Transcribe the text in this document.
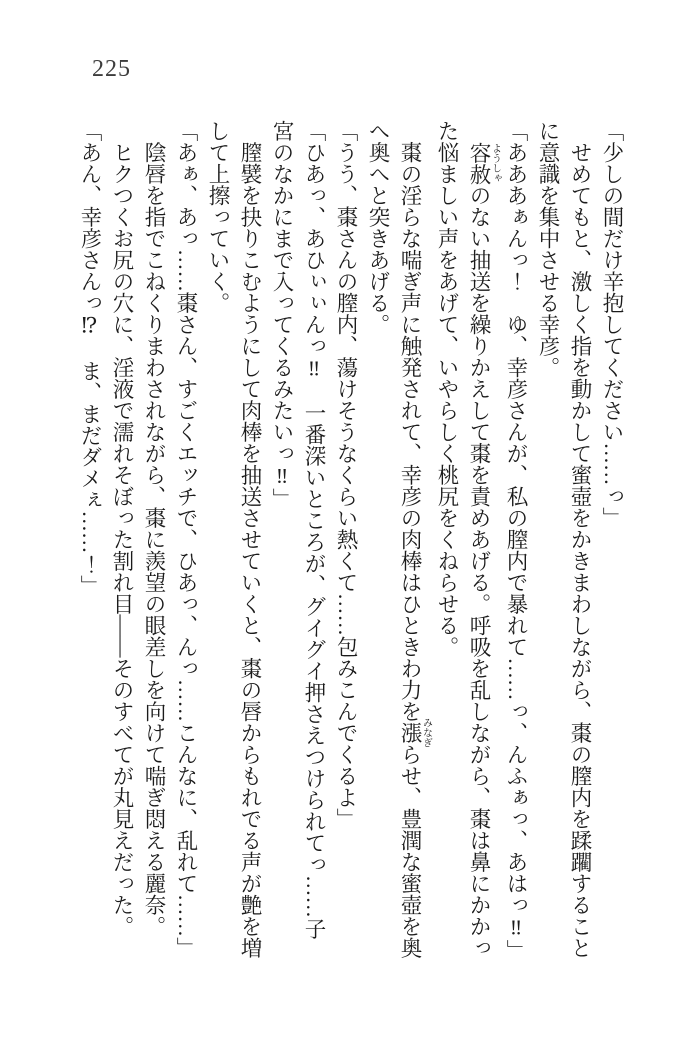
225

「少しの間だけ辛抱してください……っ」

　せめてもと、激しく指を動かして蜜壺をかきまわしながら、棗の膣内を蹂躙することに意識を集中させる幸彦。

「あああぁんっ！　ゆ、幸彦さんが、私の膣内で暴れて……っ、んふぁっ、あはっ‼」

　容赦ようしゃのない抽送を繰りかえして棗を責めあげる。呼吸を乱しながら、棗は鼻にかかった悩ましい声をあげて、いやらしく桃尻をくねらせる。

　棗の淫らな喘ぎ声に触発されて、幸彦の肉棒はひときわ力を漲みなぎらせ、豊潤な蜜壺を奥へ奥へと突きあげる。

「うう、棗さんの膣内、蕩けそうなくらい熱くて……包みこんでくるよ」

「ひあっ、あひぃぃんっ‼　一番深いところが、グイグイ押さえつけられてっ……子宮のなかにまで入ってくるみたいっ‼」

　膣襞を抉りこむようにして肉棒を抽送させていくと、棗の唇からもれでる声が艶を増して上擦っていく。

「あぁ、あっ……棗さん、すごくエッチで、ひあっ、んっ……こんなに、乱れて……」

　陰唇を指でこねくりまわされながら、棗に羨望の眼差しを向けて喘ぎ悶える麗奈。

　ヒクつくお尻の穴に、淫液で濡れそぼった割れ目——そのすべてが丸見えだった。

「あん、幸彦さんっ⁉　ま、まだダメぇ……！」
